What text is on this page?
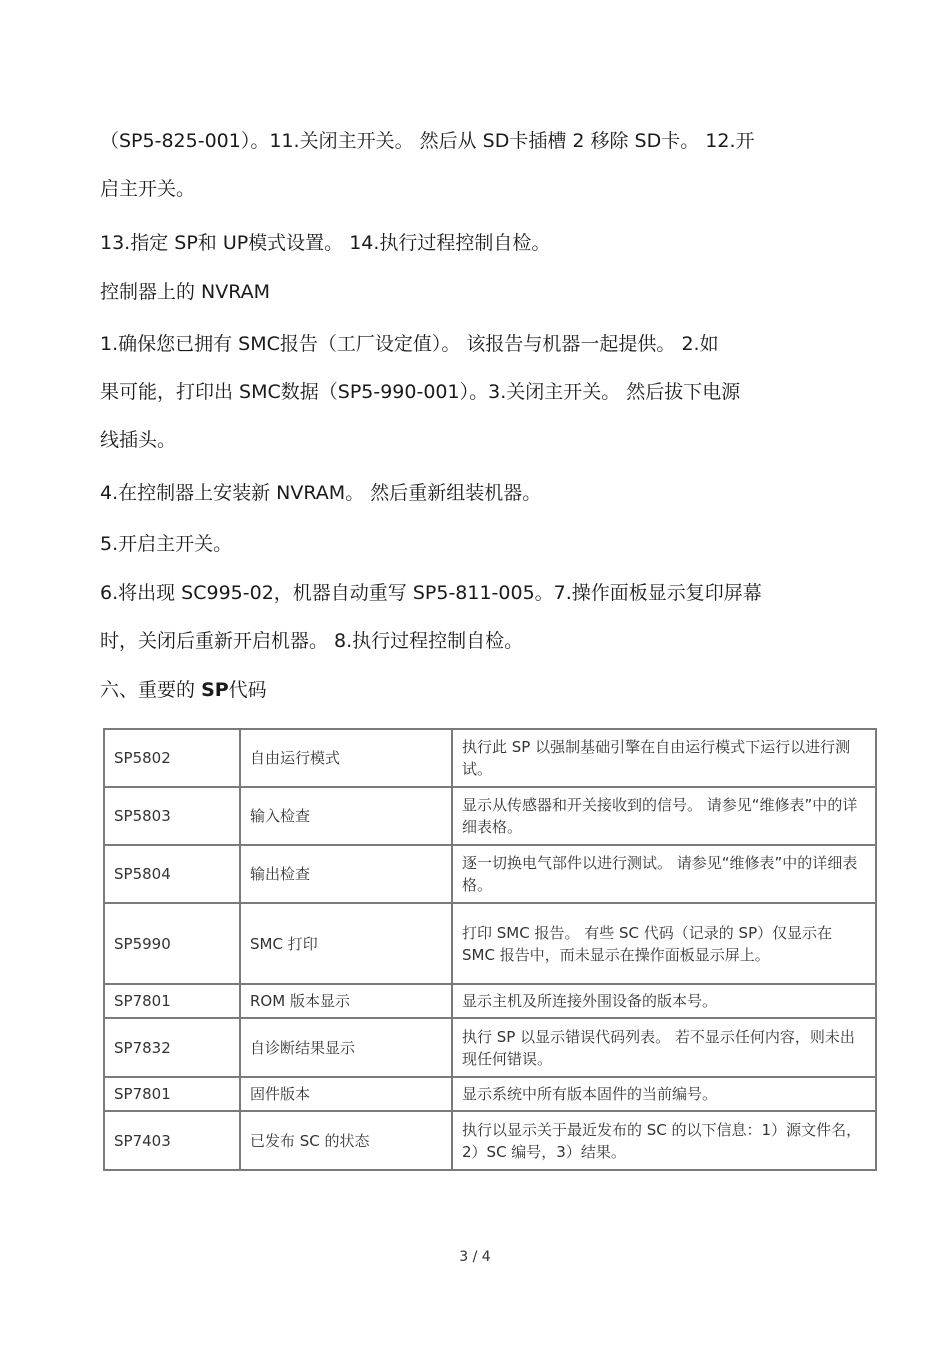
（SP5-825-001）。11.关闭主开关。 然后从 SD卡插槽 2 移除 SD卡。 12.开
启主开关。

13.指定 SP和 UP模式设置。 14.执行过程控制自检。

控制器上的 NVRAM

1.确保您已拥有 SMC报告（工厂设定值）。 该报告与机器一起提供。 2.如
果可能，打印出 SMC数据（SP5-990-001）。3.关闭主开关。 然后拔下电源
线插头。

4.在控制器上安装新 NVRAM。 然后重新组装机器。

5.开启主开关。

6.将出现 SC995-02，机器自动重写 SP5-811-005。7.操作面板显示复印屏幕
时，关闭后重新开启机器。 8.执行过程控制自检。

六、重要的 SP代码

SP5802	自由运行模式	执行此 SP 以强制基础引擎在自由运行模式下运行以进行测试。
SP5803	输入检查	显示从传感器和开关接收到的信号。 请参见“维修表”中的详细表格。
SP5804	输出检查	逐一切换电气部件以进行测试。 请参见“维修表”中的详细表格。
SP5990	SMC 打印	打印 SMC 报告。 有些 SC 代码（记录的 SP）仅显示在 SMC 报告中，而未显示在操作面板显示屏上。
SP7801	ROM 版本显示	显示主机及所连接外围设备的版本号。
SP7832	自诊断结果显示	执行 SP 以显示错误代码列表。 若不显示任何内容，则未出现任何错误。
SP7801	固件版本	显示系统中所有版本固件的当前编号。
SP7403	已发布 SC 的状态	执行以显示关于最近发布的 SC 的以下信息：1）源文件名，2）SC 编号，3）结果。
3 / 4
